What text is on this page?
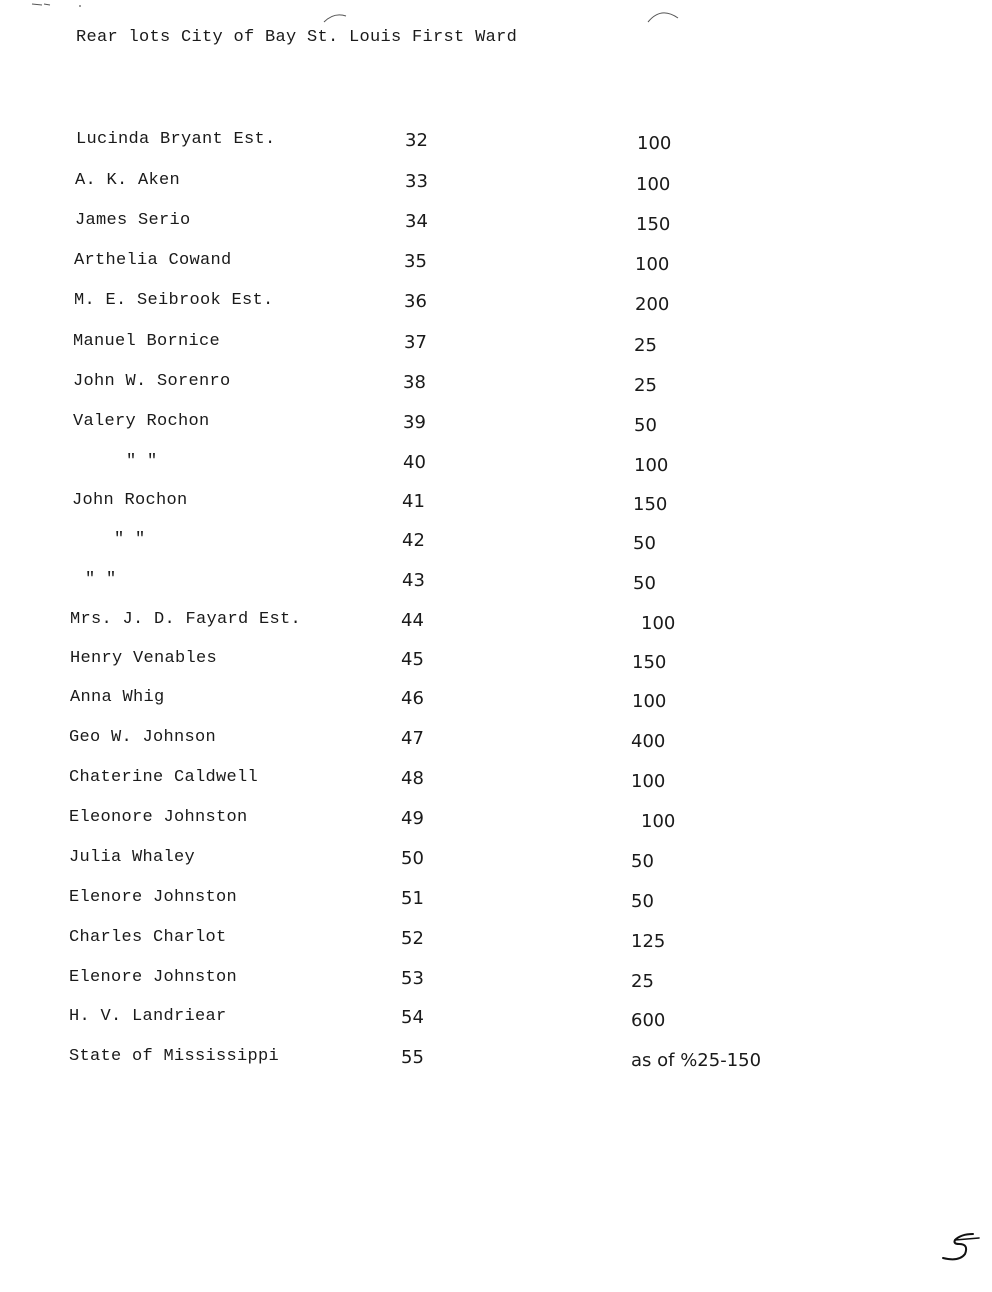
Rear lots City of Bay St. Louis First Ward
Lucinda Bryant Est.	32	100
A. K. Aken	33	100
James Serio	34	150
Arthelia Cowand	35	100
M. E. Seibrook Est.	36	200
Manuel Bornice	37	25
John W. Sorenro	38	25
Valery Rochon	39	50
" "	40	100
John Rochon	41	150
" "	42	50
" "	43	50
Mrs. J. D. Fayard Est.	44	100
Henry Venables	45	150
Anna Whig	46	100
Geo W. Johnson	47	400
Chaterine Caldwell	48	100
Eleonore Johnston	49	100
Julia Whaley	50	50
Elenore Johnston	51	50
Charles Charlot	52	125
Elenore Johnston	53	25
H. V. Landriear	54	600
State of Mississippi	55	as of %25-150
